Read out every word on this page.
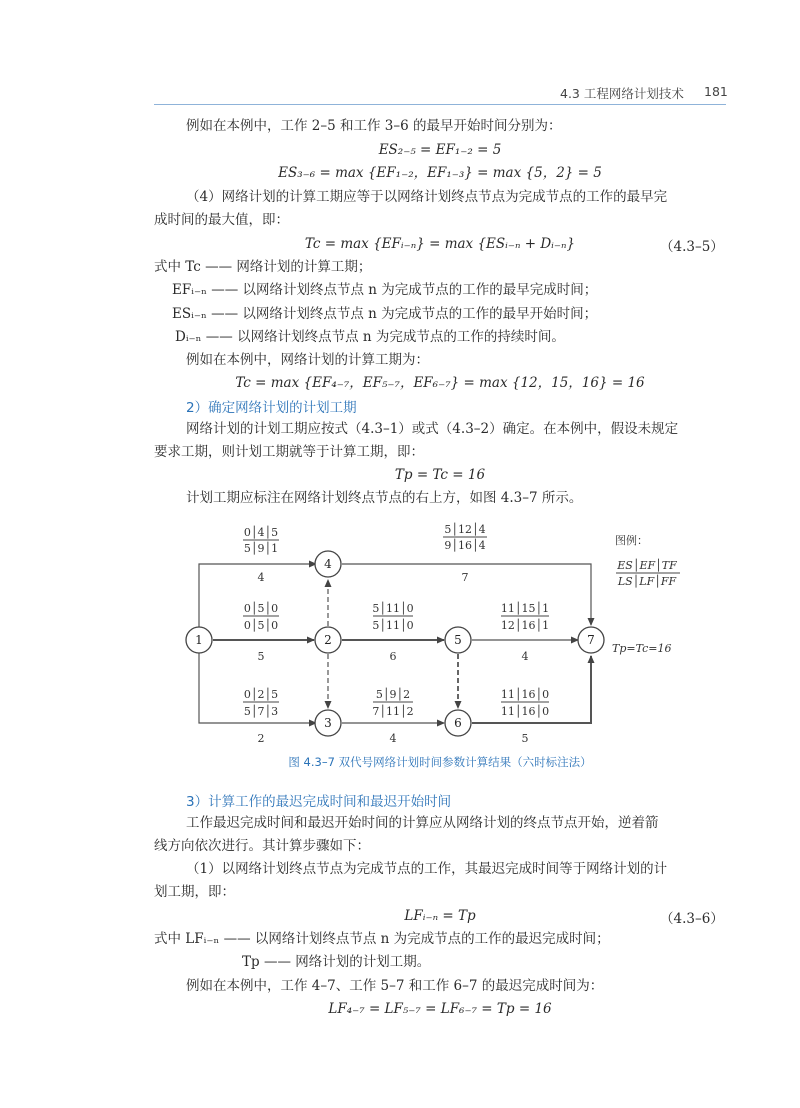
4.3 工程网络计划技术 181
例如在本例中，工作 2–5 和工作 3–6 的最早开始时间分别为：
ES₂₋₅ = EF₁₋₂ = 5
ES₃₋₆ = max {EF₁₋₂，EF₁₋₃} = max {5，2} = 5
（4）网络计划的计算工期应等于以网络计划终点节点为完成节点的工作的最早完
成时间的最大值，即：
Tc = max {EFᵢ₋ₙ} = max {ESᵢ₋ₙ + Dᵢ₋ₙ}	（4.3–5）
式中 Tc —— 网络计划的计算工期；
EFᵢ₋ₙ —— 以网络计划终点节点 n 为完成节点的工作的最早完成时间；
ESᵢ₋ₙ —— 以网络计划终点节点 n 为完成节点的工作的最早开始时间；
Dᵢ₋ₙ —— 以网络计划终点节点 n 为完成节点的工作的持续时间。
例如在本例中，网络计划的计算工期为：
Tc = max {EF₄₋₇，EF₅₋₇，EF₆₋₇} = max {12，15，16} = 16
2）确定网络计划的计划工期
网络计划的计划工期应按式（4.3–1）或式（4.3–2）确定。在本例中，假设未规定
要求工期，则计划工期就等于计算工期，即：
Tp = Tc = 16
计划工期应标注在网络计划终点节点的右上方，如图 4.3–7 所示。
1	2
3
4
5
6
7
0│4│5
5│9│1
4
5│12│4
9│16│4
7
0│5│0
0│5│0
5
5│11│0
5│11│0
6
11│15│1
12│16│1
4
0│2│5
5│7│3
2
5│9│2
7│11│2
4
11│16│0
11│16│0
5
图例：
ES│EF│TF
LS│LF│FF
Tp=Tc=16
图 4.3–7 双代号网络计划时间参数计算结果（六时标注法）
3）计算工作的最迟完成时间和最迟开始时间
工作最迟完成时间和最迟开始时间的计算应从网络计划的终点节点开始，逆着箭
线方向依次进行。其计算步骤如下：
（1）以网络计划终点节点为完成节点的工作，其最迟完成时间等于网络计划的计
划工期，即：
LFᵢ₋ₙ = Tp	（4.3–6）
式中 LFᵢ₋ₙ —— 以网络计划终点节点 n 为完成节点的工作的最迟完成时间；
Tp —— 网络计划的计划工期。
例如在本例中，工作 4–7、工作 5–7 和工作 6–7 的最迟完成时间为：
LF₄₋₇ = LF₅₋₇ = LF₆₋₇ = Tp = 16
